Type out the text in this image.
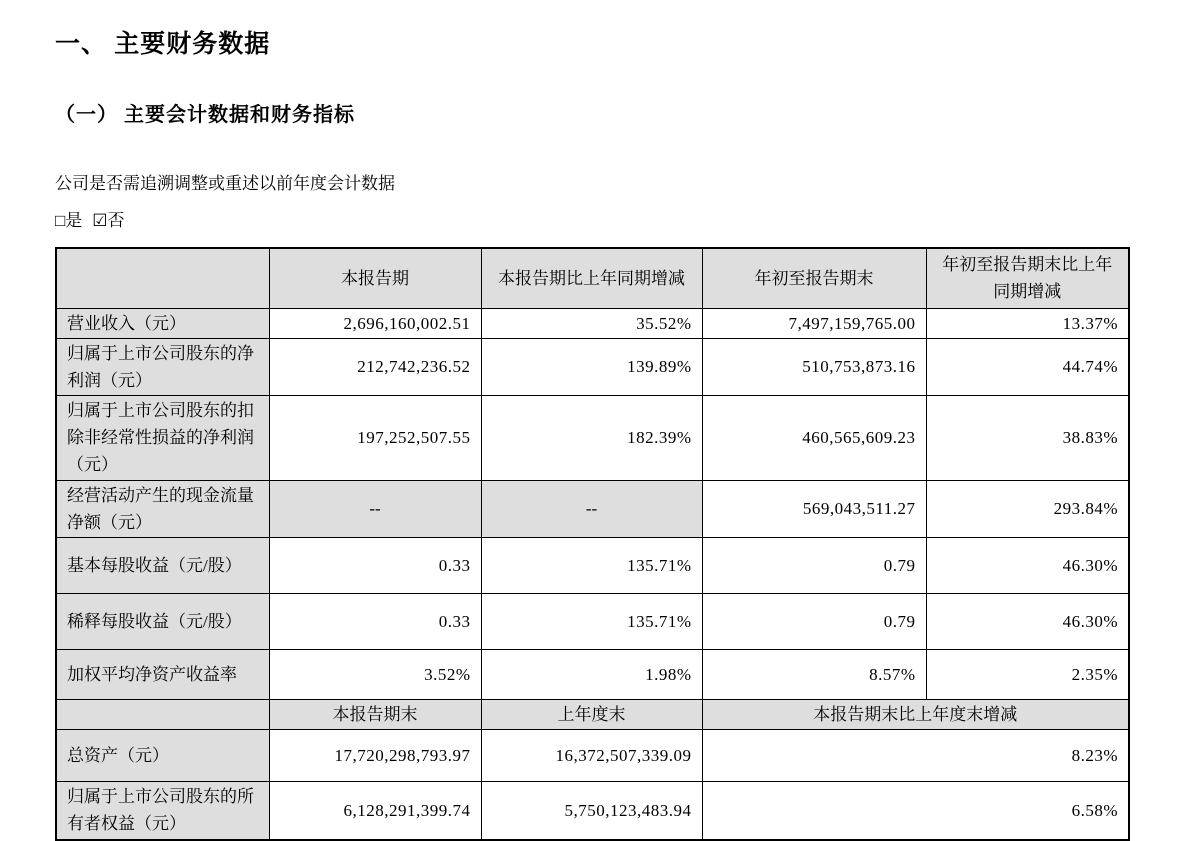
一、 主要财务数据
（一） 主要会计数据和财务指标

公司是否需追溯调整或重述以前年度会计数据

□是 ☑否

	本报告期	本报告期比上年同期增减	年初至报告期末	年初至报告期末比上年同期增减
营业收入（元）	2,696,160,002.51	35.52%	7,497,159,765.00	13.37%
归属于上市公司股东的净利润（元）	212,742,236.52	139.89%	510,753,873.16	44.74%
归属于上市公司股东的扣除非经常性损益的净利润（元）	197,252,507.55	182.39%	460,565,609.23	38.83%
经营活动产生的现金流量净额（元）	--	--	569,043,511.27	293.84%
基本每股收益（元/股）	0.33	135.71%	0.79	46.30%
稀释每股收益（元/股）	0.33	135.71%	0.79	46.30%
加权平均净资产收益率	3.52%	1.98%	8.57%	2.35%
	本报告期末	上年度末	本报告期末比上年度末增减	
总资产（元）	17,720,298,793.97	16,372,507,339.09	8.23%	
归属于上市公司股东的所有者权益（元）	6,128,291,399.74	5,750,123,483.94	6.58%	
